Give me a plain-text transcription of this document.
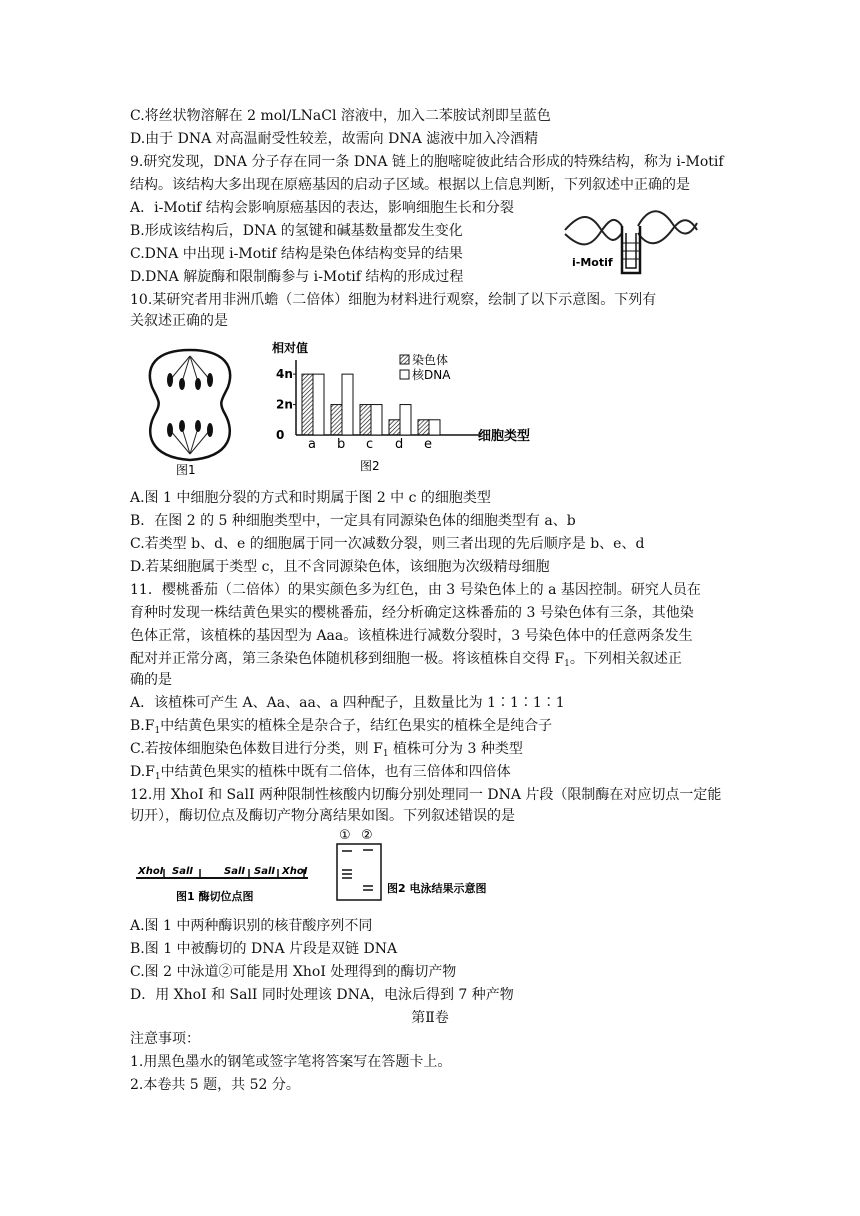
C.将丝状物溶解在 2 mol/LNaCl 溶液中，加入二苯胺试剂即呈蓝色
D.由于 DNA 对高温耐受性较差，故需向 DNA 滤液中加入冷酒精
9.研究发现，DNA 分子存在同一条 DNA 链上的胞嘧啶彼此结合形成的特殊结构，称为 i-Motif
结构。该结构大多出现在原癌基因的启动子区域。根据以上信息判断，下列叙述中正确的是
A．i-Motif 结构会影响原癌基因的表达，影响细胞生长和分裂
B.形成该结构后，DNA 的氢键和碱基数量都发生变化
C.DNA 中出现 i-Motif 结构是染色体结构变异的结果
D.DNA 解旋酶和限制酶参与 i-Motif 结构的形成过程
i-Motif
10.某研究者用非洲爪蟾（二倍体）细胞为材料进行观察，绘制了以下示意图。下列有
关叙述正确的是
图1
相对值
0
2n
4n
a b c d e
染色体
核DNA
细胞类型
图2
A.图 1 中细胞分裂的方式和时期属于图 2 中 c 的细胞类型
B．在图 2 的 5 种细胞类型中，一定具有同源染色体的细胞类型有 a、b
C.若类型 b、d、e 的细胞属于同一次减数分裂，则三者出现的先后顺序是 b、e、d
D.若某细胞属于类型 c，且不含同源染色体，该细胞为次级精母细胞
11．樱桃番茄（二倍体）的果实颜色多为红色，由 3 号染色体上的 a 基因控制。研究人员在
育种时发现一株结黄色果实的樱桃番茄，经分析确定这株番茄的 3 号染色体有三条，其他染
色体正常，该植株的基因型为 Aaa。该植株进行减数分裂时，3 号染色体中的任意两条发生
配对并正常分离，第三条染色体随机移到细胞一极。将该植株自交得 $F_1$。下列相关叙述正
确的是
A．该植株可产生 A、Aa、aa、a 四种配子，且数量比为 1∶1∶1∶1
$B.F_1$中结黄色果实的植株全是杂合子，结红色果实的植株全是纯合子
C.若按体细胞染色体数目进行分类，则 $F_1$ 植株可分为 3 种类型
$D.F_1$中结黄色果实的植株中既有二倍体，也有三倍体和四倍体
12.用 XhoI 和 SalI 两种限制性核酸内切酶分别处理同一 DNA 片段（限制酶在对应切点一定能
切开），酶切位点及酶切产物分离结果如图。下列叙述错误的是
XhoI SalI	SalI SalI XhoI
图1 酶切位点图
① ②
图2 电泳结果示意图
A.图 1 中两种酶识别的核苷酸序列不同
B.图 1 中被酶切的 DNA 片段是双链 DNA
C.图 2 中泳道②可能是用 XhoI 处理得到的酶切产物
D．用 XhoI 和 SalI 同时处理该 DNA，电泳后得到 7 种产物
第Ⅱ卷
注意事项：
1.用黑色墨水的钢笔或签字笔将答案写在答题卡上。
2.本卷共 5 题，共 52 分。
